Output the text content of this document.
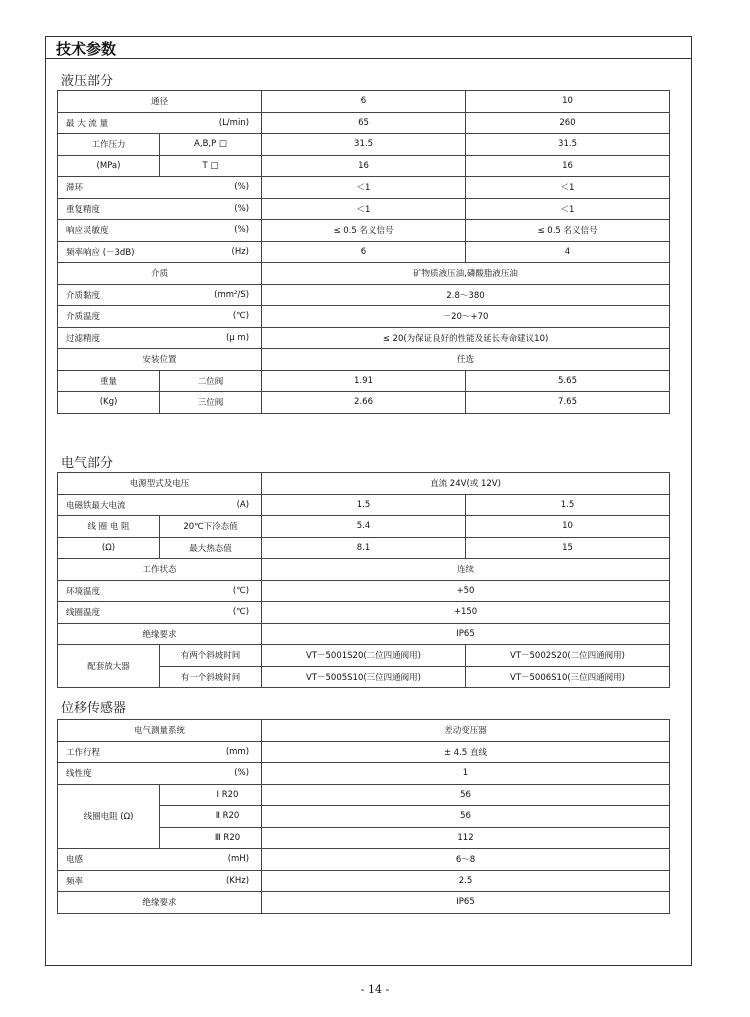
技术参数
液压部分
通径		6	10

最 大 流 量 (L/min)		65	260
工作压力	A,B,P □	31.5	31.5
(MPa)	T □	16	16

滞环 (%)		＜1	＜1

重复精度 (%)		＜1	＜1

响应灵敏度 (%)		≤ 0.5 名义信号	≤ 0.5 名义信号

频率响应 (－3dB) (Hz)		6	4
介质		矿物质液压油,磷酸脂液压油	

介质黏度 (mm²/S)		2.8～380	

介质温度 (℃)		－20～+70	

过滤精度 (μ m)		≤ 20(为保证良好的性能及延长寿命建议10)	
安装位置		任选	
重量	二位阀	1.91	5.65
(Kg)	三位阀	2.66	7.65
电气部分
电源型式及电压		直流 24V(或 12V)	

电磁铁最大电流 (A)		1.5	1.5
线 圈 电 阻	20℃下冷态值	5.4	10
(Ω)	最大热态值	8.1	15
工作状态		连续	

环境温度 (℃)		+50	

线圈温度 (℃)		+150	
绝缘要求		IP65	
配套放大器	有两个斜坡时间	VT－5001S20(二位四通阀用)	VT－5002S20(二位四通阀用)
	有一个斜坡时间	VT－5005S10(三位四通阀用)	VT－5006S10(三位四通阀用)
位移传感器
电气测量系统		差动变压器

工作行程 (mm)		± 4.5 直线

线性度 (%)		1
线圈电阻 (Ω)	Ⅰ R20	56
	Ⅱ R20	56
	Ⅲ R20	112

电感 (mH)		6～8

频率 (KHz)		2.5
绝缘要求		IP65
- 14 -
